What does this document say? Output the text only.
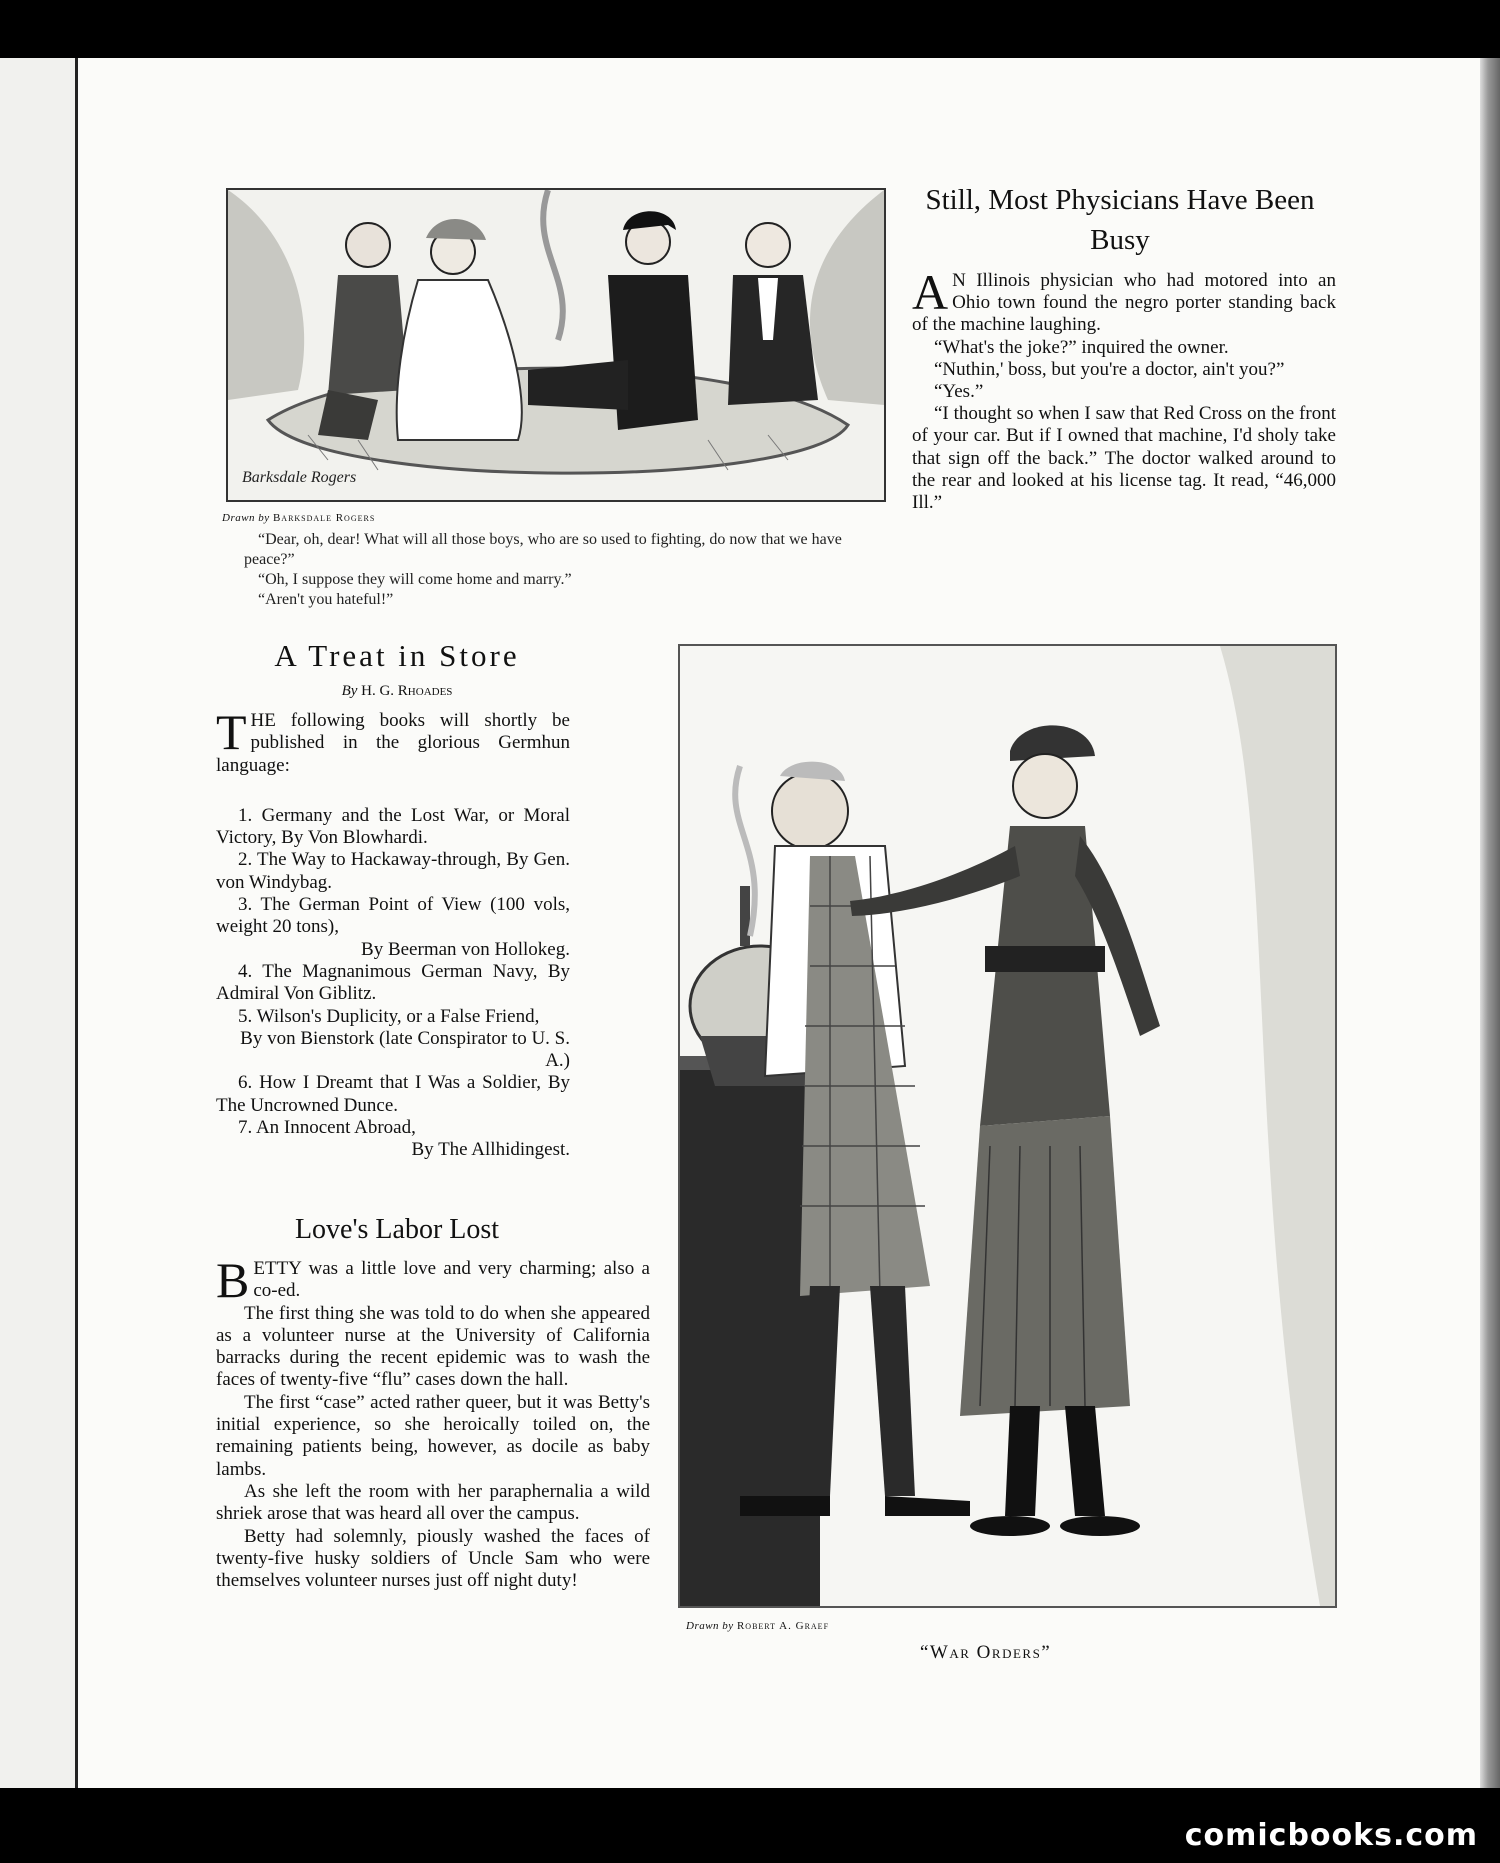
Barksdale Rogers
Drawn by Barksdale Rogers

“Dear, oh, dear! What will all those boys, who are so used to fighting, do now that we have peace?”

“Oh, I suppose they will come home and marry.”

“Aren't you hateful!”

Still, Most Physicians Have Been Busy

A N Illinois physician who had motored into an Ohio town found the negro porter standing back of the machine laughing.

“What's the joke?” inquired the owner.

“Nuthin,' boss, but you're a doctor, ain't you?”

“Yes.”

“I thought so when I saw that Red Cross on the front of your car. But if I owned that machine, I'd sholy take that sign off the back.” The doctor walked around to the rear and looked at his license tag. It read, “46,000 Ill.”

A Treat in Store
By H. G. Rhoades

THE following books will shortly be published in the glorious Germhun language:

1. Germany and the Lost War, or Moral Victory, By Von Blowhardi.

2. The Way to Hackaway-through, By Gen. von Windybag.

3. The German Point of View (100 vols, weight 20 tons),

By Beerman von Hollokeg.

4. The Magnanimous German Navy, By Admiral Von Giblitz.

5. Wilson's Duplicity, or a False Friend,

By von Bienstork (late Conspirator to U. S. A.)

6. How I Dreamt that I Was a Soldier, By The Uncrowned Dunce.

7. An Innocent Abroad,

By The Allhidingest.

Love's Labor Lost

BETTY was a little love and very charming; also a co-ed.

The first thing she was told to do when she appeared as a volunteer nurse at the University of California barracks during the recent epidemic was to wash the faces of twenty-five “flu” cases down the hall.

The first “case” acted rather queer, but it was Betty's initial experience, so she heroically toiled on, the remaining patients being, however, as docile as baby lambs.

As she left the room with her paraphernalia a wild shriek arose that was heard all over the campus.

Betty had solemnly, piously washed the faces of twenty-five husky soldiers of Uncle Sam who were themselves volunteer nurses just off night duty!

Drawn by Robert A. Graef
“War Orders”
comicbooks.com
